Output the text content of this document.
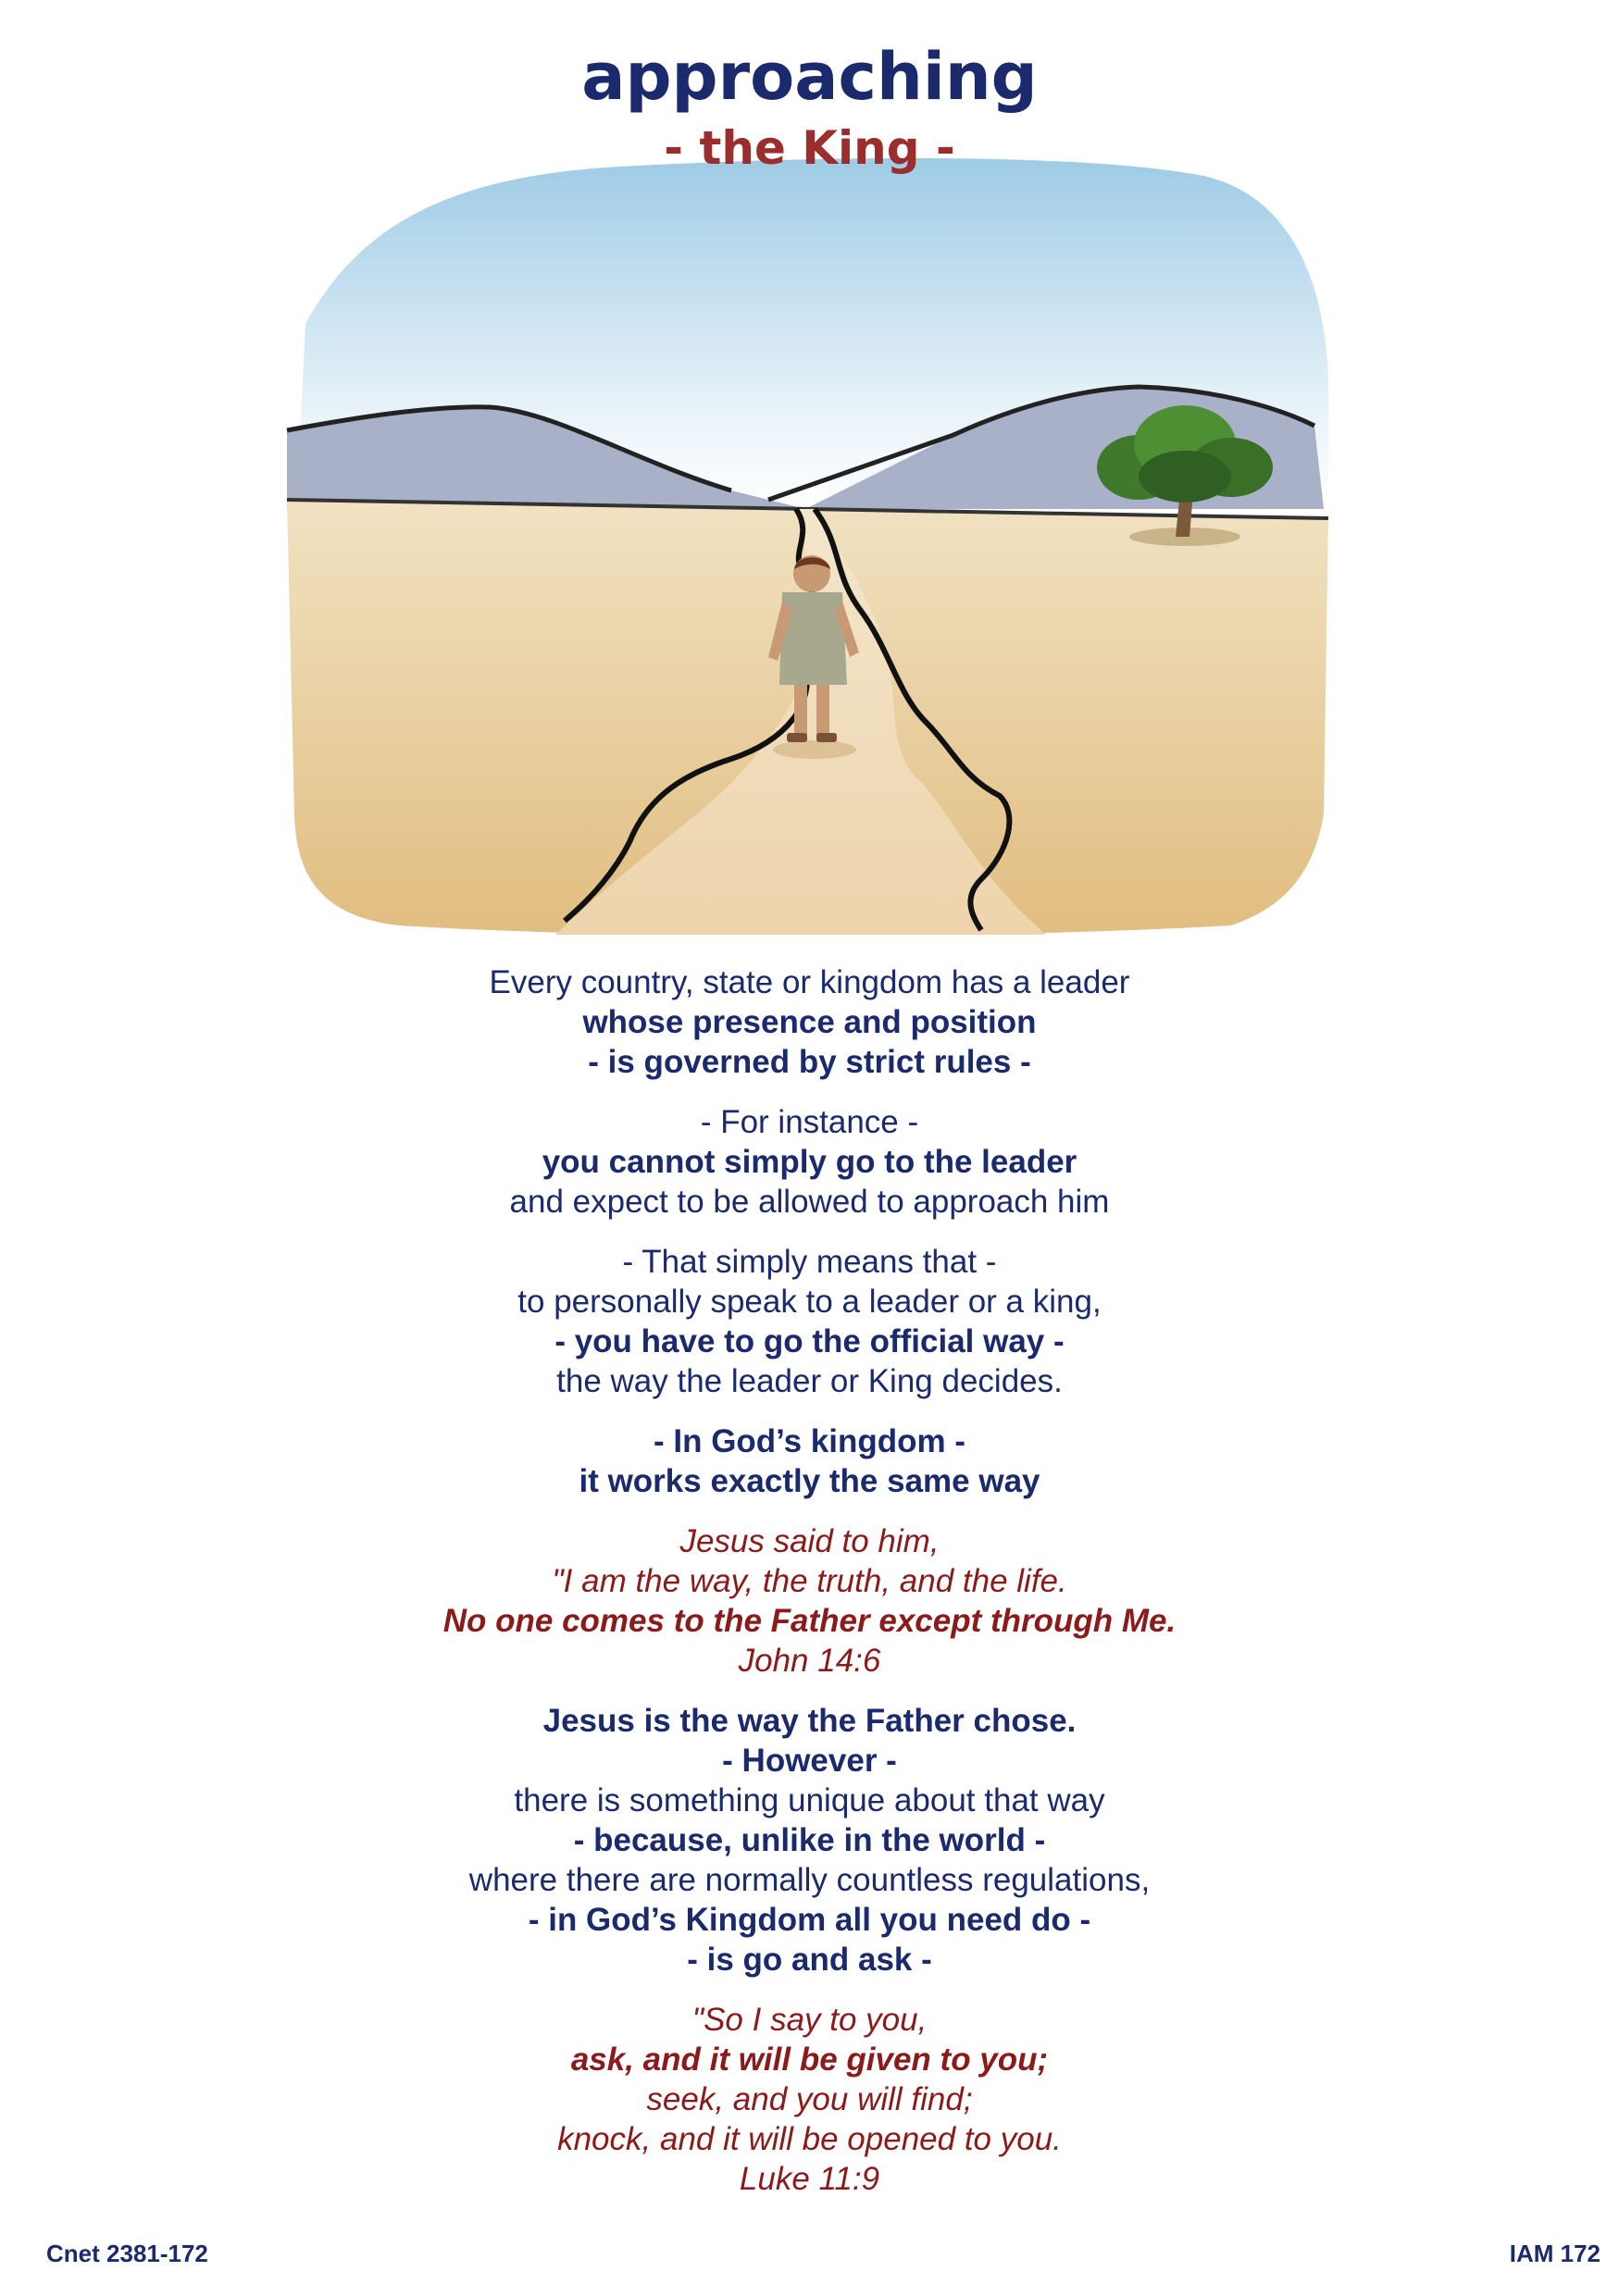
approaching
- the King -
Every country, state or kingdom has a leader
whose presence and position
- is governed by strict rules -
- For instance -
you cannot simply go to the leader
and expect to be allowed to approach him
- That simply means that -
to personally speak to a leader or a king,
- you have to go the official way -
the way the leader or King decides.
- In God’s kingdom -
it works exactly the same way
Jesus said to him,
"I am the way, the truth, and the life.
No one comes to the Father except through Me.
John 14:6
Jesus is the way the Father chose.
- However -
there is something unique about that way
- because, unlike in the world -
where there are normally countless regulations,
- in God’s Kingdom all you need do -
- is go and ask -
"So I say to you,
ask, and it will be given to you;
seek, and you will find;
knock, and it will be opened to you.
Luke 11:9
Cnet 2381-172	IAM 172
